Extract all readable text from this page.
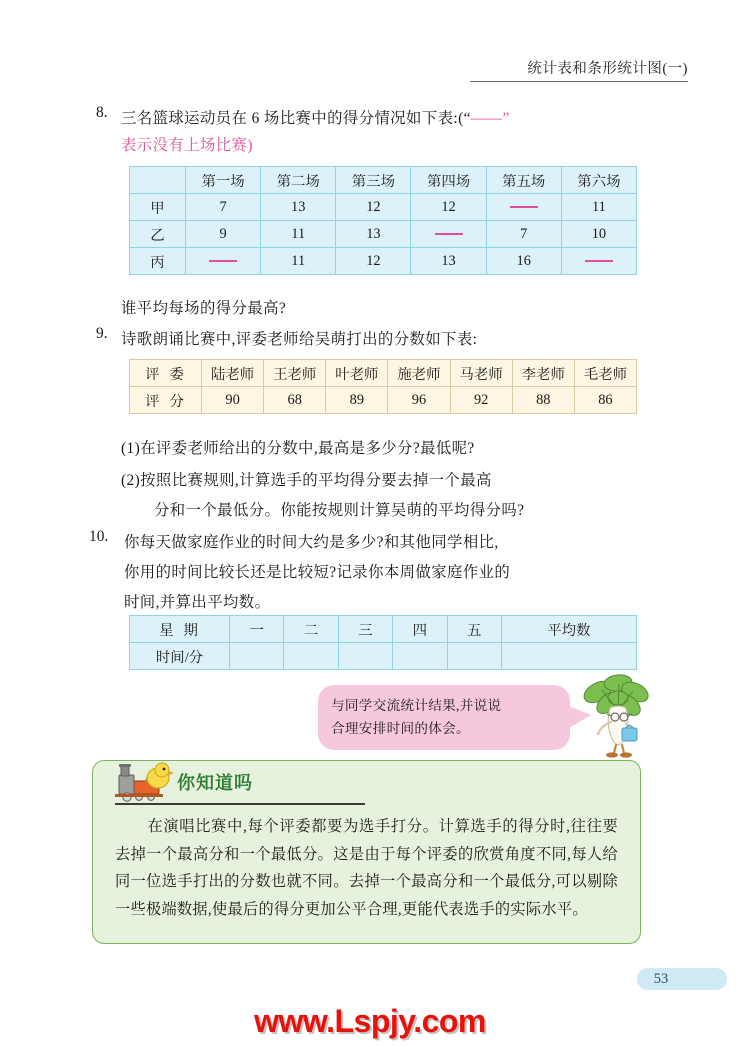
统计表和条形统计图(一)
8. 三名篮球运动员在 6 场比赛中的得分情况如下表:(“——”
表示没有上场比赛)
	第一场	第二场	第三场	第四场	第五场	第六场
甲	7	13	12	12		11
乙	9	11	13		7	10
丙		11	12	13	16	
谁平均每场的得分最高?
9. 诗歌朗诵比赛中,评委老师给吴萌打出的分数如下表:
评委	陆老师	王老师	叶老师	施老师	马老师	李老师	毛老师
评分	90	68	89	96	92	88	86
(1)在评委老师给出的分数中,最高是多少分?最低呢?
(2)按照比赛规则,计算选手的平均得分要去掉一个最高
分和一个最低分。你能按规则计算吴萌的平均得分吗?
10. 你每天做家庭作业的时间大约是多少?和其他同学相比,
你用的时间比较长还是比较短?记录你本周做家庭作业的
时间,并算出平均数。
星期	一	二	三	四	五	平均数
时间/分						
与同学交流统计结果,并说说
合理安排时间的体会。
你知道吗
在演唱比赛中,每个评委都要为选手打分。计算选手的得分时,往往要去掉一个最高分和一个最低分。这是由于每个评委的欣赏角度不同,每人给同一位选手打出的分数也就不同。去掉一个最高分和一个最低分,可以剔除一些极端数据,使最后的得分更加公平合理,更能代表选手的实际水平。
53
www.Lspjy.com
